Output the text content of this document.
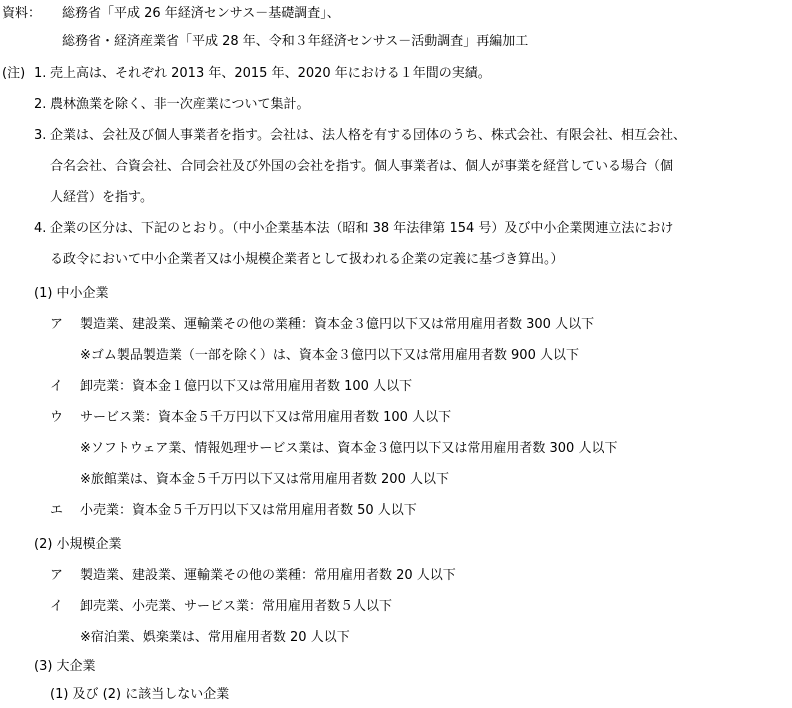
資料： 総務省「平成 26 年経済センサス－基礎調査」、
総務省・経済産業省「平成 28 年、令和３年経済センサス－活動調査」再編加工
(注) 1. 売上高は、それぞれ 2013 年、2015 年、2020 年における１年間の実績。
2. 農林漁業を除く、非一次産業について集計。
3. 企業は、会社及び個人事業者を指す。会社は、法人格を有する団体のうち、株式会社、有限会社、相互会社、
合名会社、合資会社、合同会社及び外国の会社を指す。個人事業者は、個人が事業を経営している場合（個
人経営）を指す。
4. 企業の区分は、下記のとおり。（中小企業基本法（昭和 38 年法律第 154 号）及び中小企業関連立法におけ
る政令において中小企業者又は小規模企業者として扱われる企業の定義に基づき算出。）
(1) 中小企業
ア 製造業、建設業、運輸業その他の業種：資本金３億円以下又は常用雇用者数 300 人以下
※ゴム製品製造業（一部を除く）は、資本金３億円以下又は常用雇用者数 900 人以下
イ 卸売業：資本金１億円以下又は常用雇用者数 100 人以下
ウ サービス業：資本金５千万円以下又は常用雇用者数 100 人以下
※ソフトウェア業、情報処理サービス業は、資本金３億円以下又は常用雇用者数 300 人以下
※旅館業は、資本金５千万円以下又は常用雇用者数 200 人以下
エ 小売業：資本金５千万円以下又は常用雇用者数 50 人以下
(2) 小規模企業
ア 製造業、建設業、運輸業その他の業種：常用雇用者数 20 人以下
イ 卸売業、小売業、サービス業：常用雇用者数５人以下
※宿泊業、娯楽業は、常用雇用者数 20 人以下
(3) 大企業
(1) 及び (2) に該当しない企業
